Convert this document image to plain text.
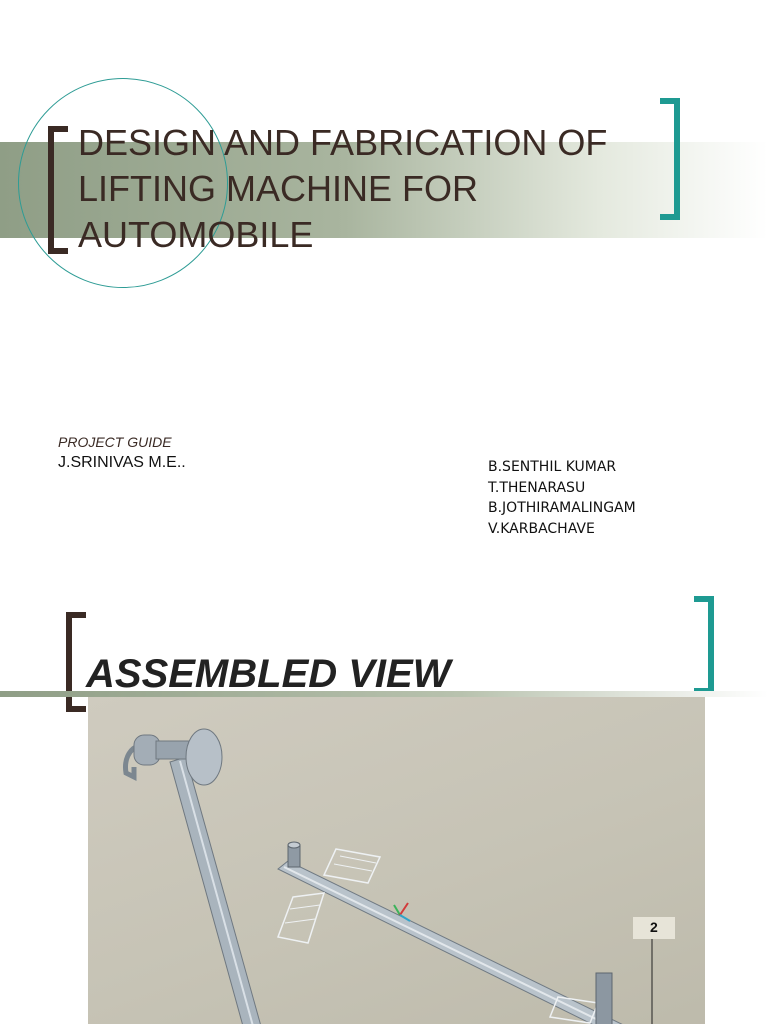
DESIGN AND FABRICATION OF LIFTING MACHINE FOR AUTOMOBILE
PROJECT GUIDE
J.SRINIVAS M.E..	B.SENTHIL KUMAR
T.THENARASU
B.JOTHIRAMALINGAM
V.KARBACHAVE
ASSEMBLED VIEW
2
